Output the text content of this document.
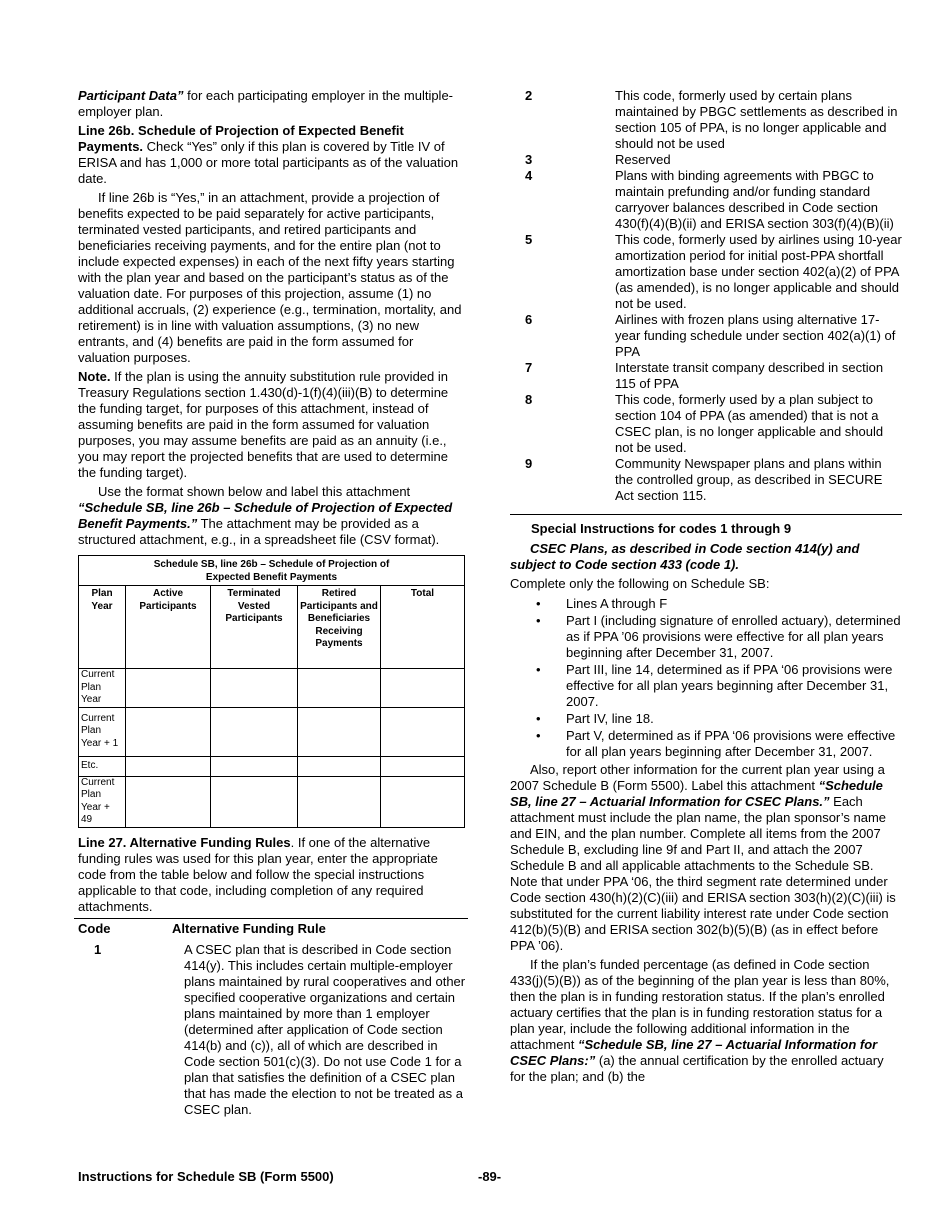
Participant Data” for each participating employer in the multiple-employer plan.

Line 26b. Schedule of Projection of Expected Benefit Payments. Check “Yes” only if this plan is covered by Title IV of ERISA and has 1,000 or more total participants as of the valuation date.

If line 26b is “Yes,” in an attachment, provide a projection of benefits expected to be paid separately for active participants, terminated vested participants, and retired participants and beneficiaries receiving payments, and for the entire plan (not to include expected expenses) in each of the next fifty years starting with the plan year and based on the participant’s status as of the valuation date. For purposes of this projection, assume (1) no additional accruals, (2) experience (e.g., termination, mortality, and retirement) is in line with valuation assumptions, (3) no new entrants, and (4) benefits are paid in the form assumed for valuation purposes.

Note. If the plan is using the annuity substitution rule provided in Treasury Regulations section 1.430(d)-1(f)(4)(iii)(B) to determine the funding target, for purposes of this attachment, instead of assuming benefits are paid in the form assumed for valuation purposes, you may assume benefits are paid as an annuity (i.e., you may report the projected benefits that are used to determine the funding target).

Use the format shown below and label this attachment “Schedule SB, line 26b – Schedule of Projection of Expected Benefit Payments.” The attachment may be provided as a structured attachment, e.g., in a spreadsheet file (CSV format).

Schedule SB, line 26b – Schedule of Projection of
Expected Benefit Payments				

Plan Year	Active Participants	Terminated Vested Participants	Retired Participants and Beneficiaries Receiving Payments	Total
Current Plan Year				
Current Plan Year + 1				
Etc.				
Current Plan Year + 49				

Line 27. Alternative Funding Rules. If one of the alternative funding rules was used for this plan year, enter the appropriate code from the table below and follow the special instructions applicable to that code, including completion of any required attachments.

Code	Alternative Funding Rule
1	A CSEC plan that is described in Code section 414(y). This includes certain multiple-employer plans maintained by rural cooperatives and other specified cooperative organizations and certain plans maintained by more than 1 employer (determined after application of Code section 414(b) and (c)), all of which are described in Code section 501(c)(3). Do not use Code 1 for a plan that satisfies the definition of a CSEC plan that has made the election to not be treated as a CSEC plan.
2	This code, formerly used by certain plans maintained by PBGC settlements as described in section 105 of PPA, is no longer applicable and should not be used
3	Reserved
4	Plans with binding agreements with PBGC to maintain prefunding and/or funding standard carryover balances described in Code section 430(f)(4)(B)(ii) and ERISA section 303(f)(4)(B)(ii)
5	This code, formerly used by airlines using 10-year amortization period for initial post-PPA shortfall amortization base under section 402(a)(2) of PPA (as amended), is no longer applicable and should not be used.
6	Airlines with frozen plans using alternative 17-year funding schedule under section 402(a)(1) of PPA
7	Interstate transit company described in section 115 of PPA
8	This code, formerly used by a plan subject to section 104 of PPA (as amended) that is not a CSEC plan, is no longer applicable and should not be used.
9	Community Newspaper plans and plans within the controlled group, as described in SECURE Act section 115.

Special Instructions for codes 1 through 9

CSEC Plans, as described in Code section 414(y) and subject to Code section 433 (code 1).

Complete only the following on Schedule SB:

• Lines A through F
• Part I (including signature of enrolled actuary), determined as if PPA ’06 provisions were effective for all plan years beginning after December 31, 2007.
• Part III, line 14, determined as if PPA ‘06 provisions were effective for all plan years beginning after December 31, 2007.
• Part IV, line 18.
• Part V, determined as if PPA ‘06 provisions were effective for all plan years beginning after December 31, 2007.

Also, report other information for the current plan year using a 2007 Schedule B (Form 5500). Label this attachment “Schedule SB, line 27 – Actuarial Information for CSEC Plans.” Each attachment must include the plan name, the plan sponsor’s name and EIN, and the plan number. Complete all items from the 2007 Schedule B, excluding line 9f and Part II, and attach the 2007 Schedule B and all applicable attachments to the Schedule SB. Note that under PPA ‘06, the third segment rate determined under Code section 430(h)(2)(C)(iii) and ERISA section 303(h)(2)(C)(iii) is substituted for the current liability interest rate under Code section 412(b)(5)(B) and ERISA section 302(b)(5)(B) (as in effect before PPA ’06).

If the plan’s funded percentage (as defined in Code section 433(j)(5)(B)) as of the beginning of the plan year is less than 80%, then the plan is in funding restoration status. If the plan’s enrolled actuary certifies that the plan is in funding restoration status for a plan year, include the following additional information in the attachment “Schedule SB, line 27 – Actuarial Information for CSEC Plans:” (a) the annual certification by the enrolled actuary for the plan; and (b) the

Instructions for Schedule SB (Form 5500)	-89-
